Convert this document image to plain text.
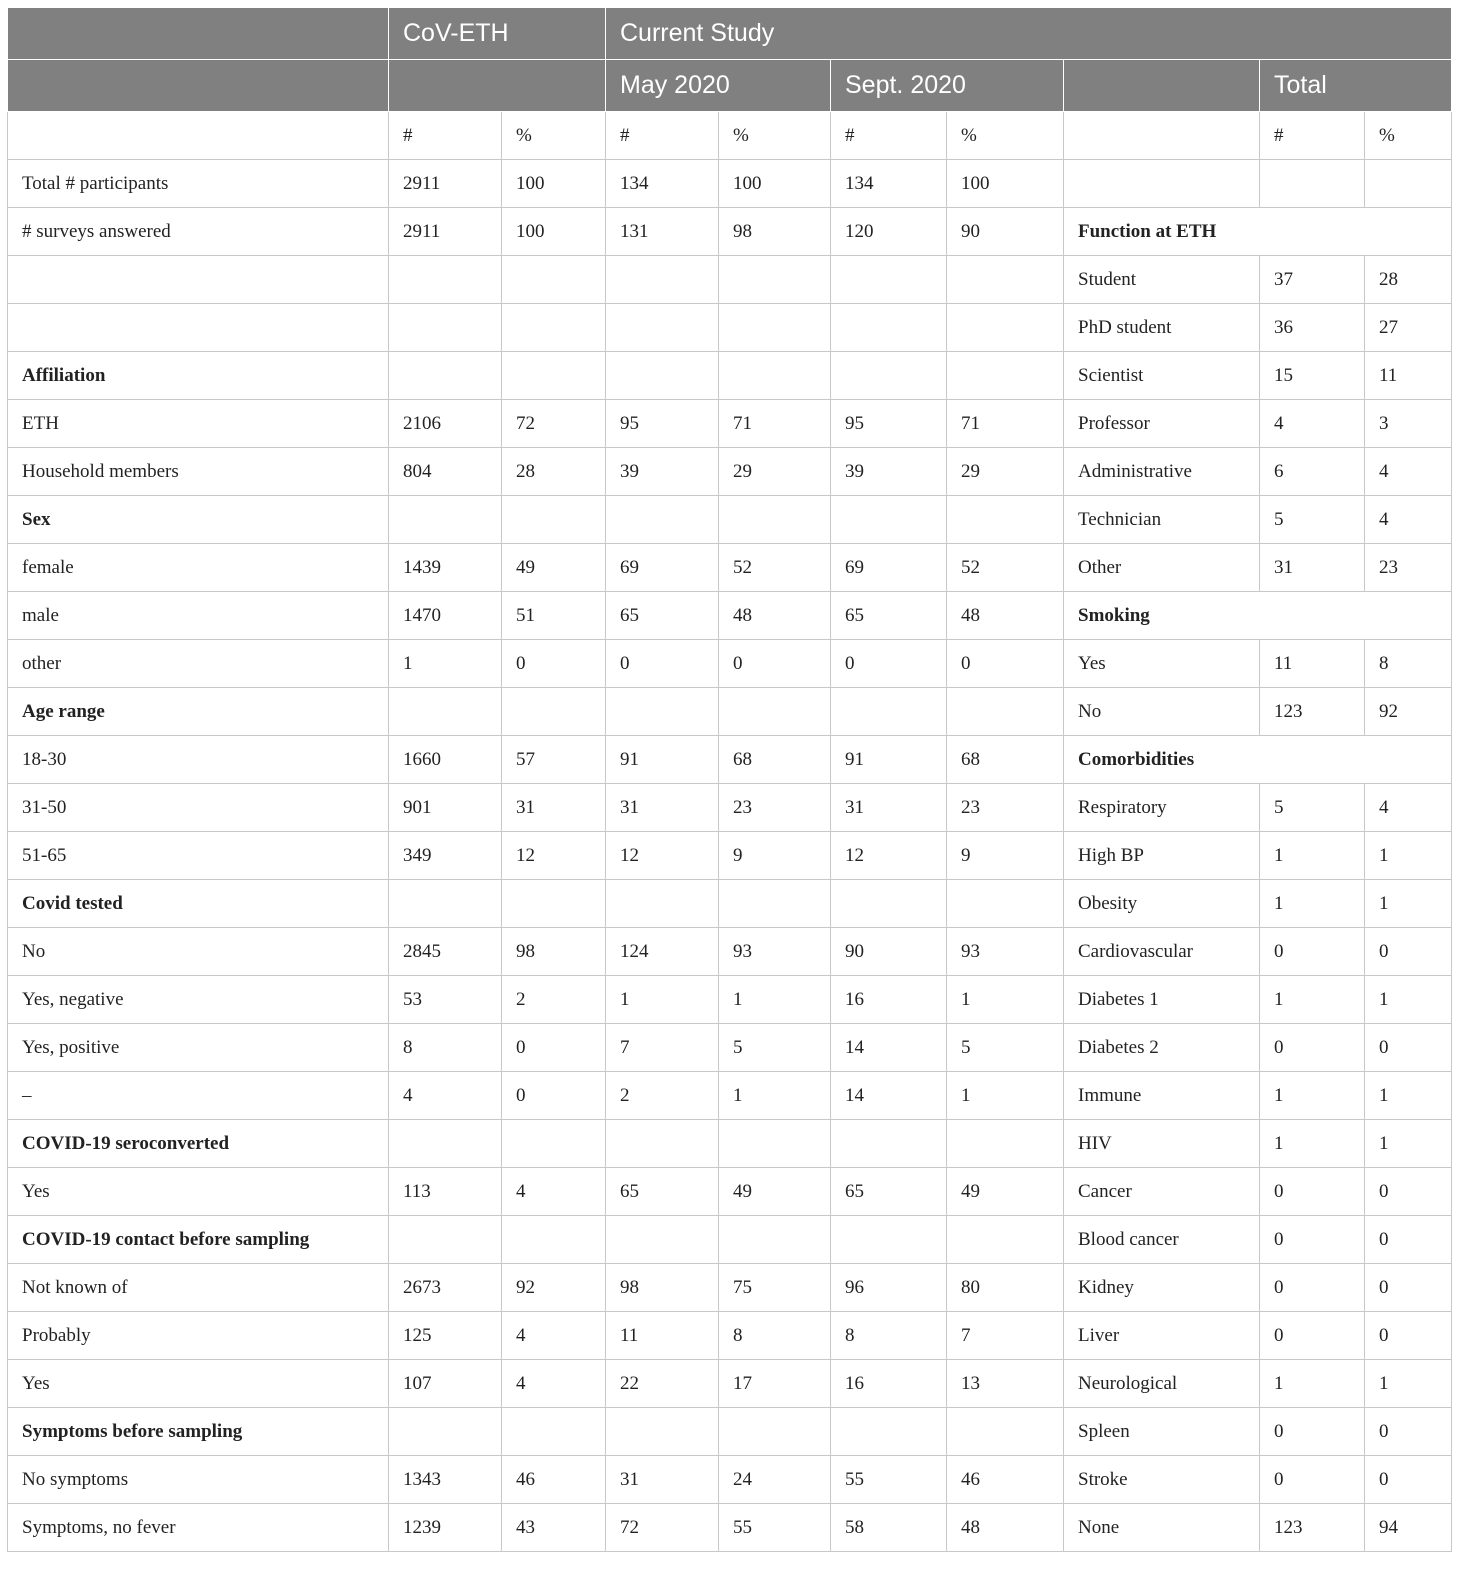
	CoV-ETH		Current Study						
			May 2020		Sept. 2020			Total	
	#	%	#	%	#	%		#	%
Total # participants	2911	100	134	100	134	100			
# surveys answered	2911	100	131	98	120	90	Function at ETH		
							Student	37	28
							PhD student	36	27
Affiliation							Scientist	15	11
ETH	2106	72	95	71	95	71	Professor	4	3
Household members	804	28	39	29	39	29	Administrative	6	4
Sex							Technician	5	4
female	1439	49	69	52	69	52	Other	31	23
male	1470	51	65	48	65	48	Smoking		
other	1	0	0	0	0	0	Yes	11	8
Age range							No	123	92
18-30	1660	57	91	68	91	68	Comorbidities		
31-50	901	31	31	23	31	23	Respiratory	5	4
51-65	349	12	12	9	12	9	High BP	1	1
Covid tested							Obesity	1	1
No	2845	98	124	93	90	93	Cardiovascular	0	0
Yes, negative	53	2	1	1	16	1	Diabetes 1	1	1
Yes, positive	8	0	7	5	14	5	Diabetes 2	0	0
–	4	0	2	1	14	1	Immune	1	1
COVID-19 seroconverted							HIV	1	1
Yes	113	4	65	49	65	49	Cancer	0	0
COVID-19 contact before sampling							Blood cancer	0	0
Not known of	2673	92	98	75	96	80	Kidney	0	0
Probably	125	4	11	8	8	7	Liver	0	0
Yes	107	4	22	17	16	13	Neurological	1	1
Symptoms before sampling							Spleen	0	0
No symptoms	1343	46	31	24	55	46	Stroke	0	0
Symptoms, no fever	1239	43	72	55	58	48	None	123	94
